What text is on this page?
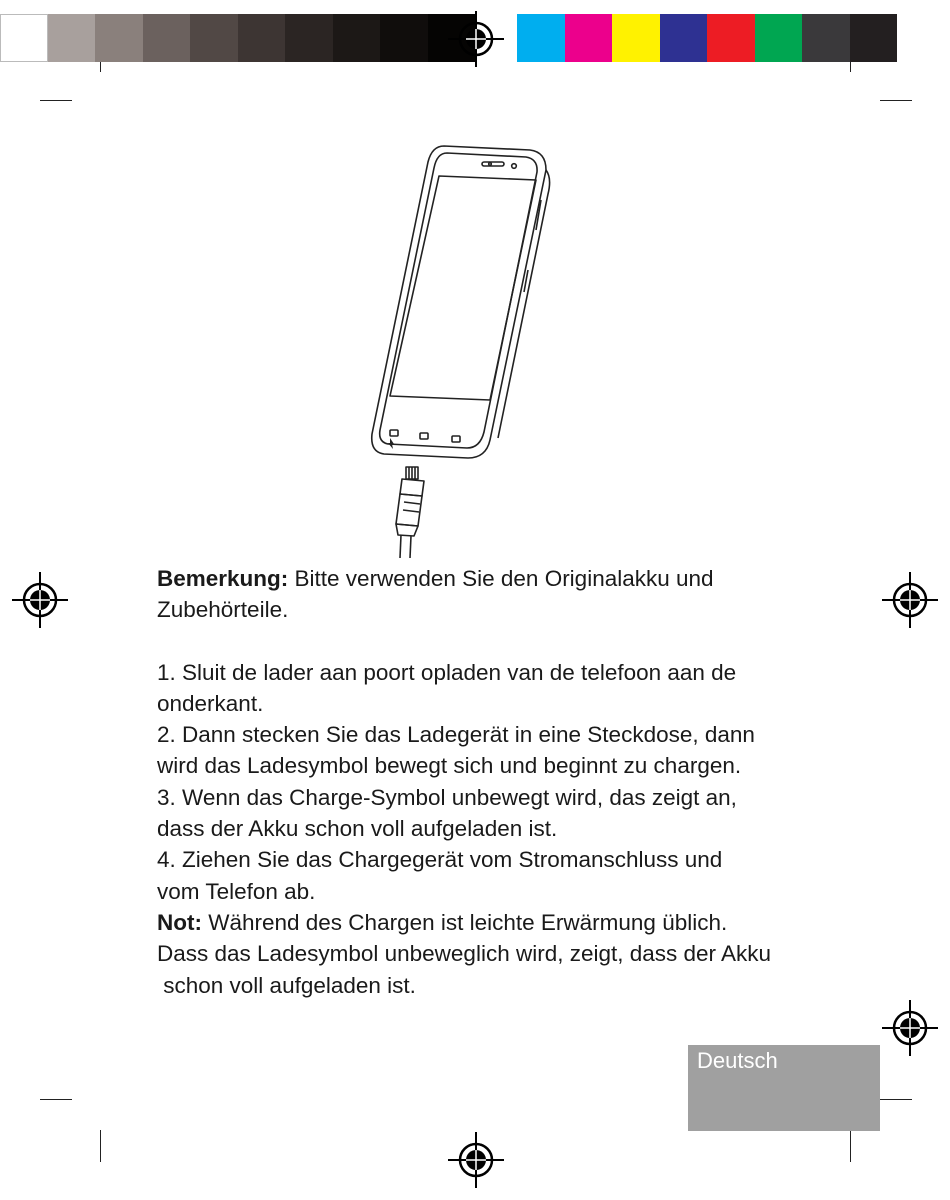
Bemerkung: Bitte verwenden Sie den Originalakku und

Zubehörteile.

1. Sluit de lader aan poort opladen van de telefoon aan de

onderkant.

2. Dann stecken Sie das Ladegerät in eine Steckdose, dann

wird das Ladesymbol bewegt sich und beginnt zu chargen.

3. Wenn das Charge-Symbol unbewegt wird, das zeigt an,

dass der Akku schon voll aufgeladen ist.

4. Ziehen Sie das Chargegerät vom Stromanschluss und

vom Telefon ab.

Not: Während des Chargen ist leichte Erwärmung üblich.

Dass das Ladesymbol unbeweglich wird, zeigt, dass der Akku

schon voll aufgeladen ist.

Deutsch
